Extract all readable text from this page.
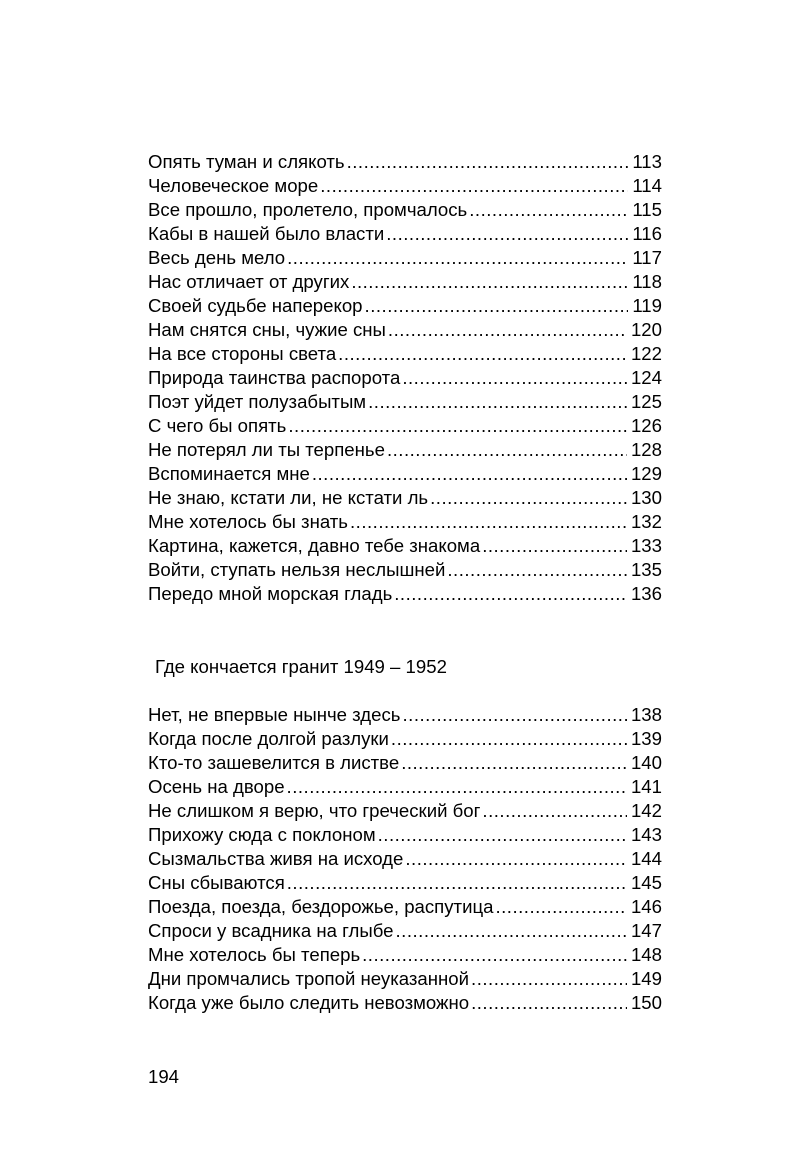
Опять туман и слякоть .....	113
Человеческое море .....	114
Все прошло, пролетело, промчалось .....	115
Кабы в нашей было власти .....	116
Весь день мело .....	117
Нас отличает от других .....	118
Своей судьбе наперекор .....	119
Нам снятся сны, чужие сны .....	120
На все стороны света .....	122
Природа таинства распорота .....	124
Поэт уйдет полузабытым .....	125
С чего бы опять .....	126
Не потерял ли ты терпенье .....	128
Вспоминается мне .....	129
Не знаю, кстати ли, не кстати ль .....	130
Мне хотелось бы знать .....	132
Картина, кажется, давно тебе знакома .....	133
Войти, ступать нельзя неслышней .....	135
Передо мной морская гладь .....	136
Где кончается гранит 1949 – 1952
Нет, не впервые нынче здесь .....	138
Когда после долгой разлуки .....	139
Кто-то зашевелится в листве .....	140
Осень на дворе .....	141
Не слишком я верю, что греческий бог .....	142
Прихожу сюда с поклоном .....	143
Сызмальства живя на исходе .....	144
Сны сбываются .....	145
Поезда, поезда, бездорожье, распутица .....	146
Спроси у всадника на глыбе .....	147
Мне хотелось бы теперь .....	148
Дни промчались тропой неуказанной .....	149
Когда уже было следить невозможно .....	150
194
